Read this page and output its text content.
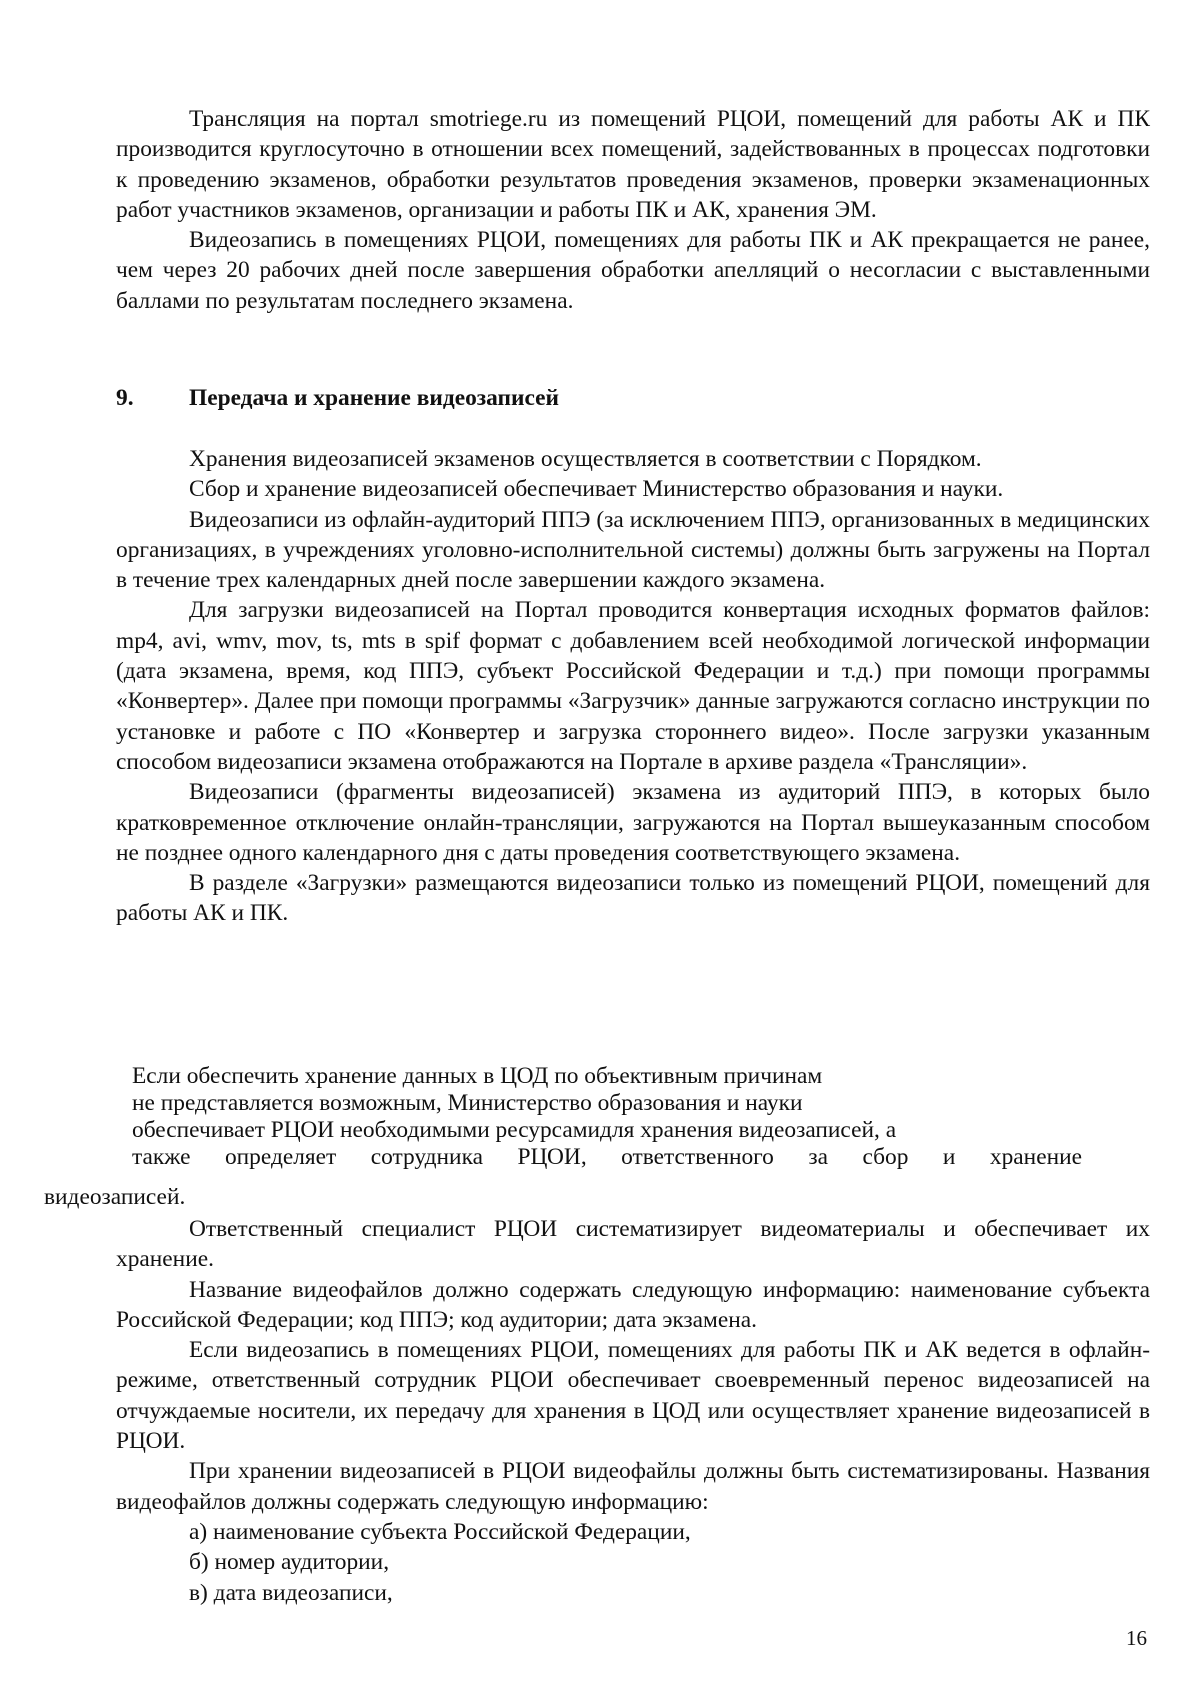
Трансляция на портал smotriege.ru из помещений РЦОИ, помещений для работы АК и ПК производится круглосуточно в отношении всех помещений, задействованных в процессах подготовки к проведению экзаменов, обработки результатов проведения экзаменов, проверки экзаменационных работ участников экзаменов, организации и работы ПК и АК, хранения ЭМ.

Видеозапись в помещениях РЦОИ, помещениях для работы ПК и АК прекращается не ранее, чем через 20 рабочих дней после завершения обработки апелляций о несогласии с выставленными баллами по результатам последнего экзамена.

9. Передача и хранение видеозаписей

Хранения видеозаписей экзаменов осуществляется в соответствии с Порядком.

Сбор и хранение видеозаписей обеспечивает Министерство образования и науки.

Видеозаписи из офлайн-аудиторий ППЭ (за исключением ППЭ, организованных в медицинских организациях, в учреждениях уголовно-исполнительной системы) должны быть загружены на Портал в течение трех календарных дней после завершении каждого экзамена.

Для загрузки видеозаписей на Портал проводится конвертация исходных форматов файлов: mp4, avi, wmv, mov, ts, mts в spif формат с добавлением всей необходимой логической информации (дата экзамена, время, код ППЭ, субъект Российской Федерации и т.д.) при помощи программы «Конвертер». Далее при помощи программы «Загрузчик» данные загружаются согласно инструкции по установке и работе с ПО «Конвертер и загрузка стороннего видео». После загрузки указанным способом видеозаписи экзамена отображаются на Портале в архиве раздела «Трансляции».

Видеозаписи (фрагменты видеозаписей) экзамена из аудиторий ППЭ, в которых было кратковременное отключение онлайн-трансляции, загружаются на Портал вышеуказанным способом не позднее одного календарного дня с даты проведения соответствующего экзамена.

В разделе «Загрузки» размещаются видеозаписи только из помещений РЦОИ, помещений для работы АК и ПК.

Если обеспечить хранение данных в ЦОД по объективным причинам
не представляется возможным, Министерство образования и науки
обеспечивает РЦОИ необходимыми ресурсамидля хранения видеозаписей, а
также определяет сотрудника РЦОИ, ответственного за сбор и хранение
видеозаписей.

Ответственный специалист РЦОИ систематизирует видеоматериалы и обеспечивает их хранение.

Название видеофайлов должно содержать следующую информацию: наименование субъекта Российской Федерации; код ППЭ; код аудитории; дата экзамена.

Если видеозапись в помещениях РЦОИ, помещениях для работы ПК и АК ведется в офлайн-режиме, ответственный сотрудник РЦОИ обеспечивает своевременный перенос видеозаписей на отчуждаемые носители, их передачу для хранения в ЦОД или осуществляет хранение видеозаписей в РЦОИ.

При хранении видеозаписей в РЦОИ видеофайлы должны быть систематизированы. Названия видеофайлов должны содержать следующую информацию:

а) наименование субъекта Российской Федерации,

б) номер аудитории,

в) дата видеозаписи,

16
